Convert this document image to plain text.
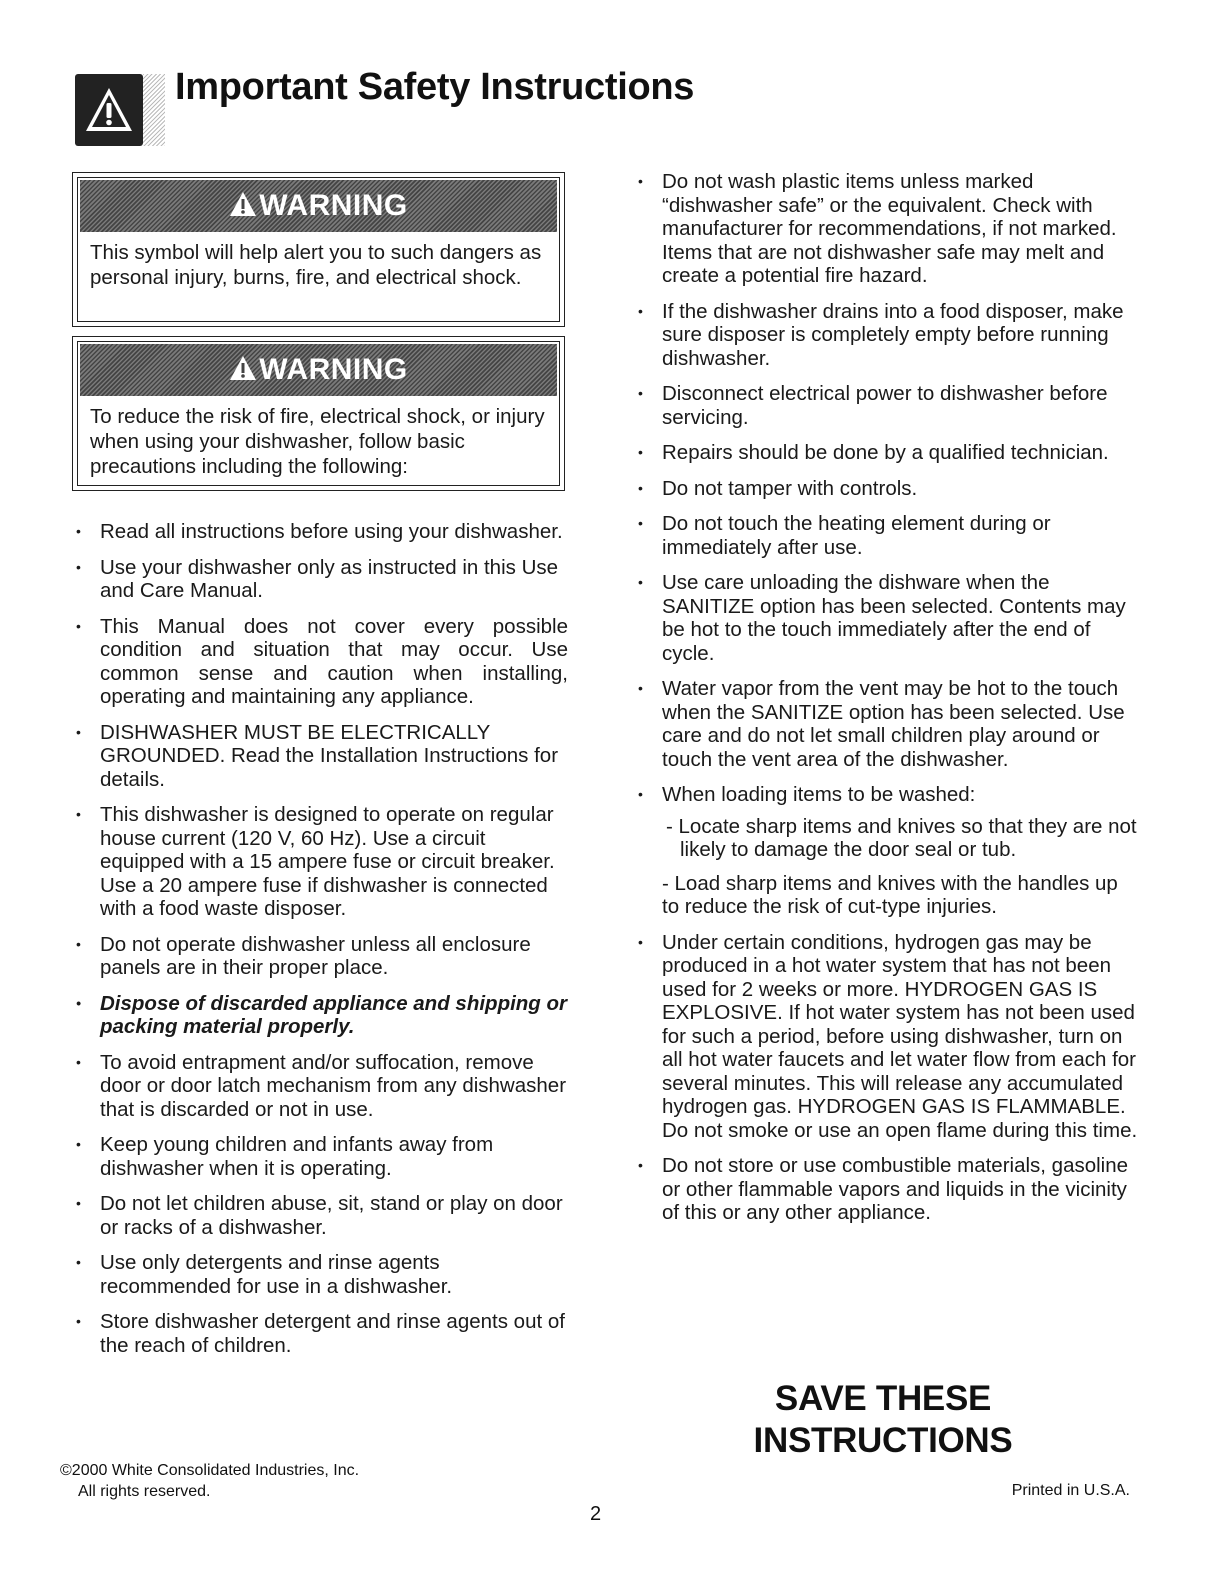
Important Safety Instructions
WARNING
This symbol will help alert you to such dangers as personal injury, burns, fire, and electrical shock.
WARNING
To reduce the risk of fire, electrical shock, or injury when using your dishwasher, follow basic precautions including the following:
• Read all instructions before using your dishwasher.
• Use your dishwasher only as instructed in this Use and Care Manual.
• This Manual does not cover every possible condition and situation that may occur. Use common sense and caution when installing, operating and maintaining any appliance.
• DISHWASHER MUST BE ELECTRICALLY GROUNDED. Read the Installation Instructions for details.
• This dishwasher is designed to operate on regular house current (120 V, 60 Hz). Use a circuit equipped with a 15 ampere fuse or circuit breaker. Use a 20 ampere fuse if dishwasher is connected with a food waste disposer.
• Do not operate dishwasher unless all enclosure panels are in their proper place.
• Dispose of discarded appliance and shipping or packing material properly.
• To avoid entrapment and/or suffocation, remove door or door latch mechanism from any dishwasher that is discarded or not in use.
• Keep young children and infants away from dishwasher when it is operating.
• Do not let children abuse, sit, stand or play on door or racks of a dishwasher.
• Use only detergents and rinse agents recommended for use in a dishwasher.
• Store dishwasher detergent and rinse agents out of the reach of children.
• Do not wash plastic items unless marked “dishwasher safe” or the equivalent. Check with manufacturer for recommendations, if not marked. Items that are not dishwasher safe may melt and create a potential fire hazard.
• If the dishwasher drains into a food disposer, make sure disposer is completely empty before running dishwasher.
• Disconnect electrical power to dishwasher before servicing.
• Repairs should be done by a qualified technician.
• Do not tamper with controls.
• Do not touch the heating element during or immediately after use.
• Use care unloading the dishware when the SANITIZE option has been selected. Contents may be hot to the touch immediately after the end of cycle.
• Water vapor from the vent may be hot to the touch when the SANITIZE option has been selected. Use care and do not let small children play around or touch the vent area of the dishwasher.
• When loading items to be washed:

- Locate sharp items and knives so that they are not likely to damage the door seal or tub.

- Load sharp items and knives with the handles up to reduce the risk of cut-type injuries.

• Under certain conditions, hydrogen gas may be produced in a hot water system that has not been used for 2 weeks or more. HYDROGEN GAS IS EXPLOSIVE. If hot water system has not been used for such a period, before using dishwasher, turn on all hot water faucets and let water flow from each for several minutes. This will release any accumulated hydrogen gas. HYDROGEN GAS IS FLAMMABLE. Do not smoke or use an open flame during this time.
• Do not store or use combustible materials, gasoline or other flammable vapors and liquids in the vicinity of this or any other appliance.
SAVE THESE
INSTRUCTIONS
©2000 White Consolidated Industries, Inc.
All rights reserved.	Printed in U.S.A.
2
